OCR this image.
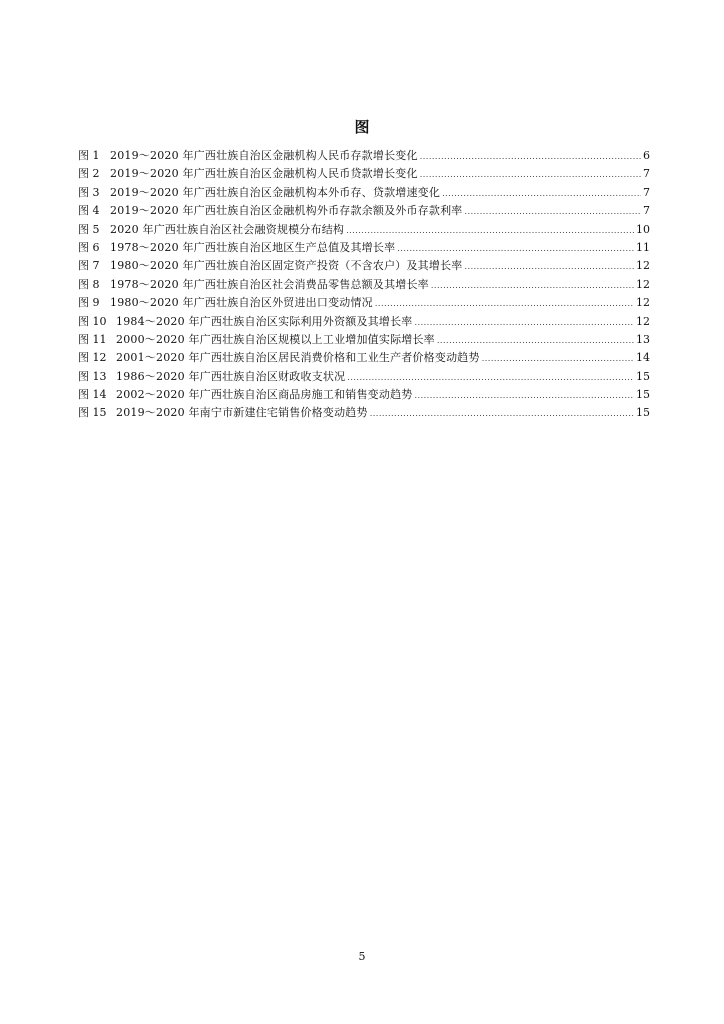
图
图 1 2019～2020 年广西壮族自治区金融机构人民币存款增长变化 .....	6
图 2 2019～2020 年广西壮族自治区金融机构人民币贷款增长变化 .....	7
图 3 2019～2020 年广西壮族自治区金融机构本外币存、贷款增速变化 .....	7
图 4 2019～2020 年广西壮族自治区金融机构外币存款余额及外币存款利率 .....	7
图 5 2020 年广西壮族自治区社会融资规模分布结构 .....	10
图 6 1978～2020 年广西壮族自治区地区生产总值及其增长率 .....	11
图 7 1980～2020 年广西壮族自治区固定资产投资（不含农户）及其增长率 .....	12
图 8 1978～2020 年广西壮族自治区社会消费品零售总额及其增长率 .....	12
图 9 1980～2020 年广西壮族自治区外贸进出口变动情况 .....	12
图 10 1984～2020 年广西壮族自治区实际利用外资额及其增长率 .....	12
图 11 2000～2020 年广西壮族自治区规模以上工业增加值实际增长率 .....	13
图 12 2001～2020 年广西壮族自治区居民消费价格和工业生产者价格变动趋势 .....	14
图 13 1986～2020 年广西壮族自治区财政收支状况 .....	15
图 14 2002～2020 年广西壮族自治区商品房施工和销售变动趋势 .....	15
图 15 2019～2020 年南宁市新建住宅销售价格变动趋势 .....	15
5
